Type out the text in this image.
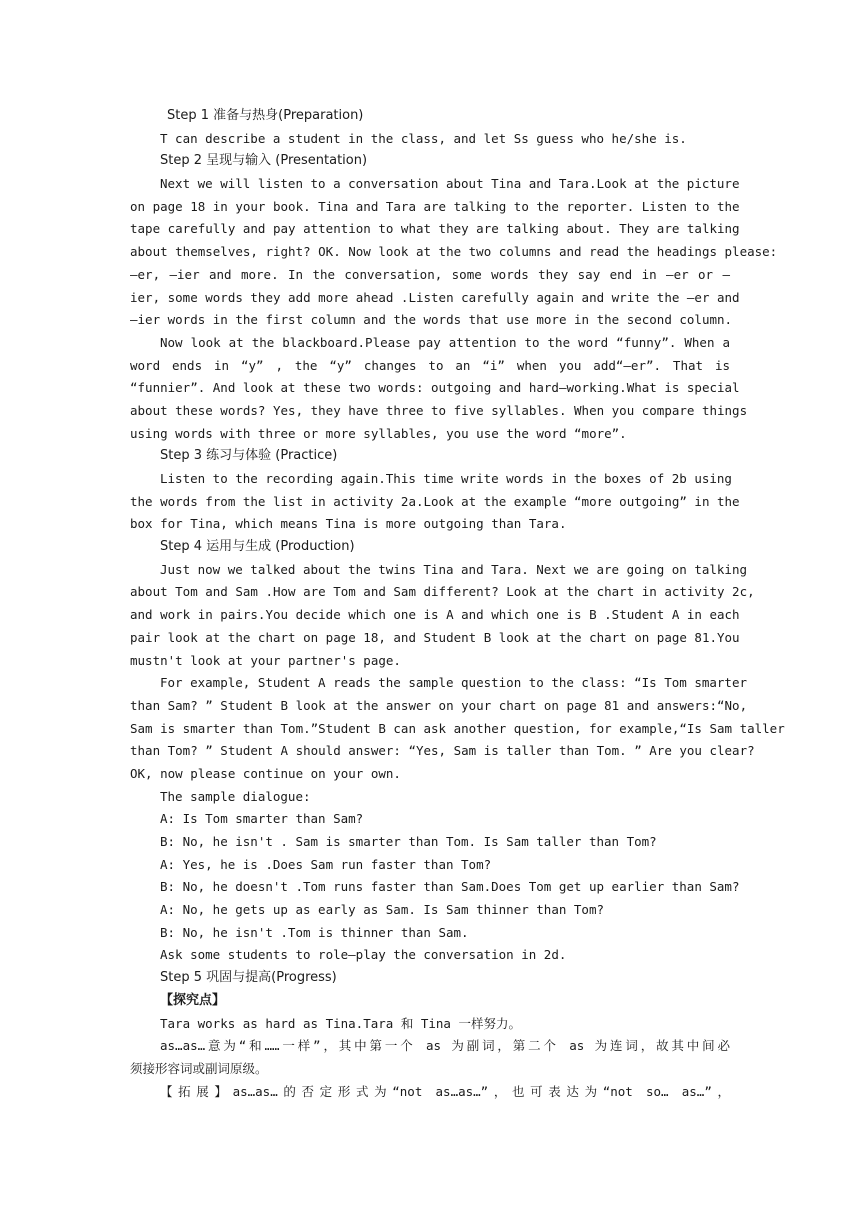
Step 1 准备与热身(Preparation)
T can describe a student in the class, and let Ss guess who he/she is.
Step 2 呈现与输入 (Presentation)
Next we will listen to a conversation about Tina and Tara.Look at the picture
on page 18 in your book. Tina and Tara are talking to the reporter. Listen to the
tape carefully and pay attention to what they are talking about. They are talking
about themselves, right? OK. Now look at the two columns and read the headings please:
—er, —ier and more. In the conversation, some words they say end in —er or —
ier, some words they add more ahead .Listen carefully again and write the —er and
—ier words in the first column and the words that use more in the second column.
Now look at the blackboard.Please pay attention to the word “funny”. When a
word ends in “y” , the “y” changes to an “i” when you add“—er”. That is
“funnier”. And look at these two words: outgoing and hard—working.What is special
about these words? Yes, they have three to five syllables. When you compare things
using words with three or more syllables, you use the word “more”.
Step 3 练习与体验 (Practice)
Listen to the recording again.This time write words in the boxes of 2b using
the words from the list in activity 2a.Look at the example “more outgoing” in the
box for Tina, which means Tina is more outgoing than Tara.
Step 4 运用与生成 (Production)
Just now we talked about the twins Tina and Tara. Next we are going on talking
about Tom and Sam .How are Tom and Sam different? Look at the chart in activity 2c,
and work in pairs.You decide which one is A and which one is B .Student A in each
pair look at the chart on page 18, and Student B look at the chart on page 81.You
mustn't look at your partner's page.
For example, Student A reads the sample question to the class: “Is Tom smarter
than Sam? ” Student B look at the answer on your chart on page 81 and answers:“No,
Sam is smarter than Tom.”Student B can ask another question, for example,“Is Sam taller
than Tom? ” Student A should answer: “Yes, Sam is taller than Tom. ” Are you clear?
OK, now please continue on your own.
The sample dialogue:
A: Is Tom smarter than Sam?
B: No, he isn't . Sam is smarter than Tom. Is Sam taller than Tom?
A: Yes, he is .Does Sam run faster than Tom?
B: No, he doesn't .Tom runs faster than Sam.Does Tom get up earlier than Sam?
A: No, he gets up as early as Sam. Is Sam thinner than Tom?
B: No, he isn't .Tom is thinner than Sam.
Ask some students to role—play the conversation in 2d.
Step 5 巩固与提高(Progress)
【探究点】
Tara works as hard as Tina.Tara 和 Tina 一样努力。
as…as…意为“和……一样”，其中第一个 as 为副词，第二个 as 为连词，故其中间必
须接形容词或副词原级。
【拓展】as…as…的否定形式为“not as…as…”，也可表达为“not so… as…”，
